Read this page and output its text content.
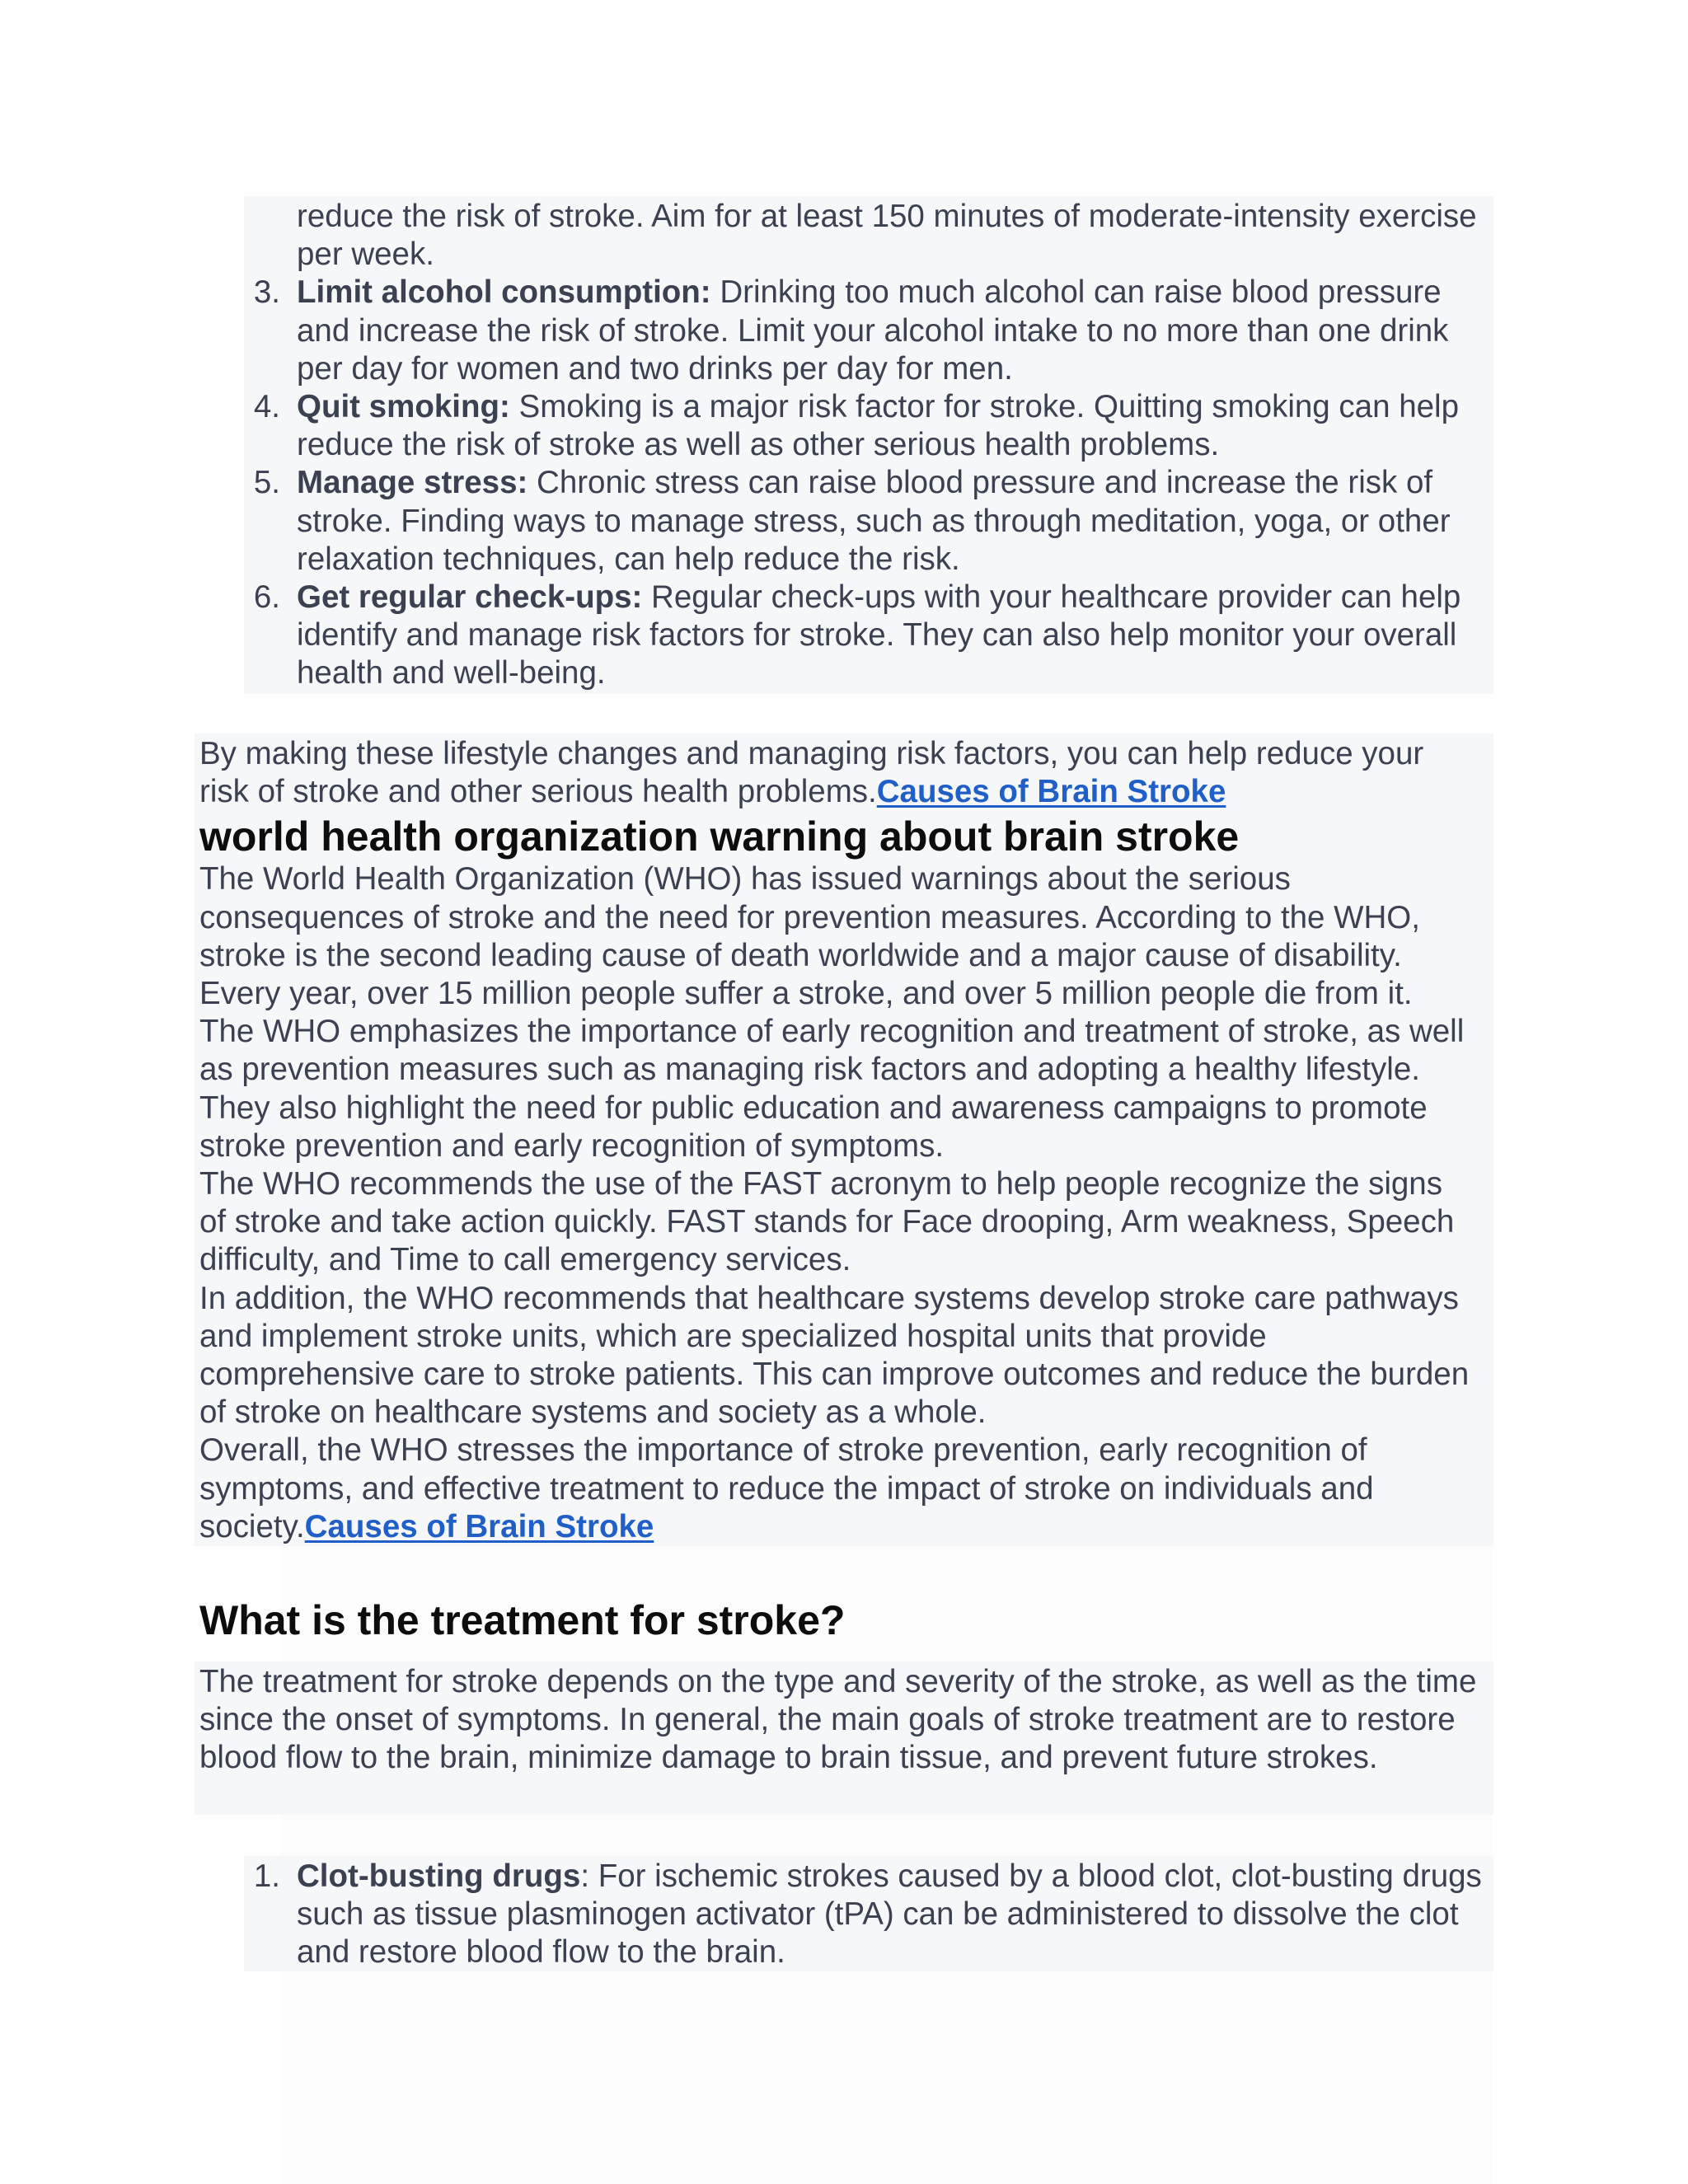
reduce the risk of stroke. Aim for at least 150 minutes of moderate-intensity exercise per week.
3. Limit alcohol consumption: Drinking too much alcohol can raise blood pressure and increase the risk of stroke. Limit your alcohol intake to no more than one drink per day for women and two drinks per day for men.
4. Quit smoking: Smoking is a major risk factor for stroke. Quitting smoking can help reduce the risk of stroke as well as other serious health problems.
5. Manage stress: Chronic stress can raise blood pressure and increase the risk of stroke. Finding ways to manage stress, such as through meditation, yoga, or other relaxation techniques, can help reduce the risk.
6. Get regular check-ups: Regular check-ups with your healthcare provider can help identify and manage risk factors for stroke. They can also help monitor your overall health and well-being.

By making these lifestyle changes and managing risk factors, you can help reduce your risk of stroke and other serious health problems.Causes of Brain Stroke

world health organization warning about brain stroke

The World Health Organization (WHO) has issued warnings about the serious consequences of stroke and the need for prevention measures. According to the WHO, stroke is the second leading cause of death worldwide and a major cause of disability. Every year, over 15 million people suffer a stroke, and over 5 million people die from it.

The WHO emphasizes the importance of early recognition and treatment of stroke, as well as prevention measures such as managing risk factors and adopting a healthy lifestyle. They also highlight the need for public education and awareness campaigns to promote stroke prevention and early recognition of symptoms.

The WHO recommends the use of the FAST acronym to help people recognize the signs of stroke and take action quickly. FAST stands for Face drooping, Arm weakness, Speech difficulty, and Time to call emergency services.

In addition, the WHO recommends that healthcare systems develop stroke care pathways and implement stroke units, which are specialized hospital units that provide comprehensive care to stroke patients. This can improve outcomes and reduce the burden of stroke on healthcare systems and society as a whole.

Overall, the WHO stresses the importance of stroke prevention, early recognition of symptoms, and effective treatment to reduce the impact of stroke on individuals and society.Causes of Brain Stroke

What is the treatment for stroke?

The treatment for stroke depends on the type and severity of the stroke, as well as the time since the onset of symptoms. In general, the main goals of stroke treatment are to restore blood flow to the brain, minimize damage to brain tissue, and prevent future strokes.

1. Clot-busting drugs: For ischemic strokes caused by a blood clot, clot-busting drugs such as tissue plasminogen activator (tPA) can be administered to dissolve the clot and restore blood flow to the brain.
